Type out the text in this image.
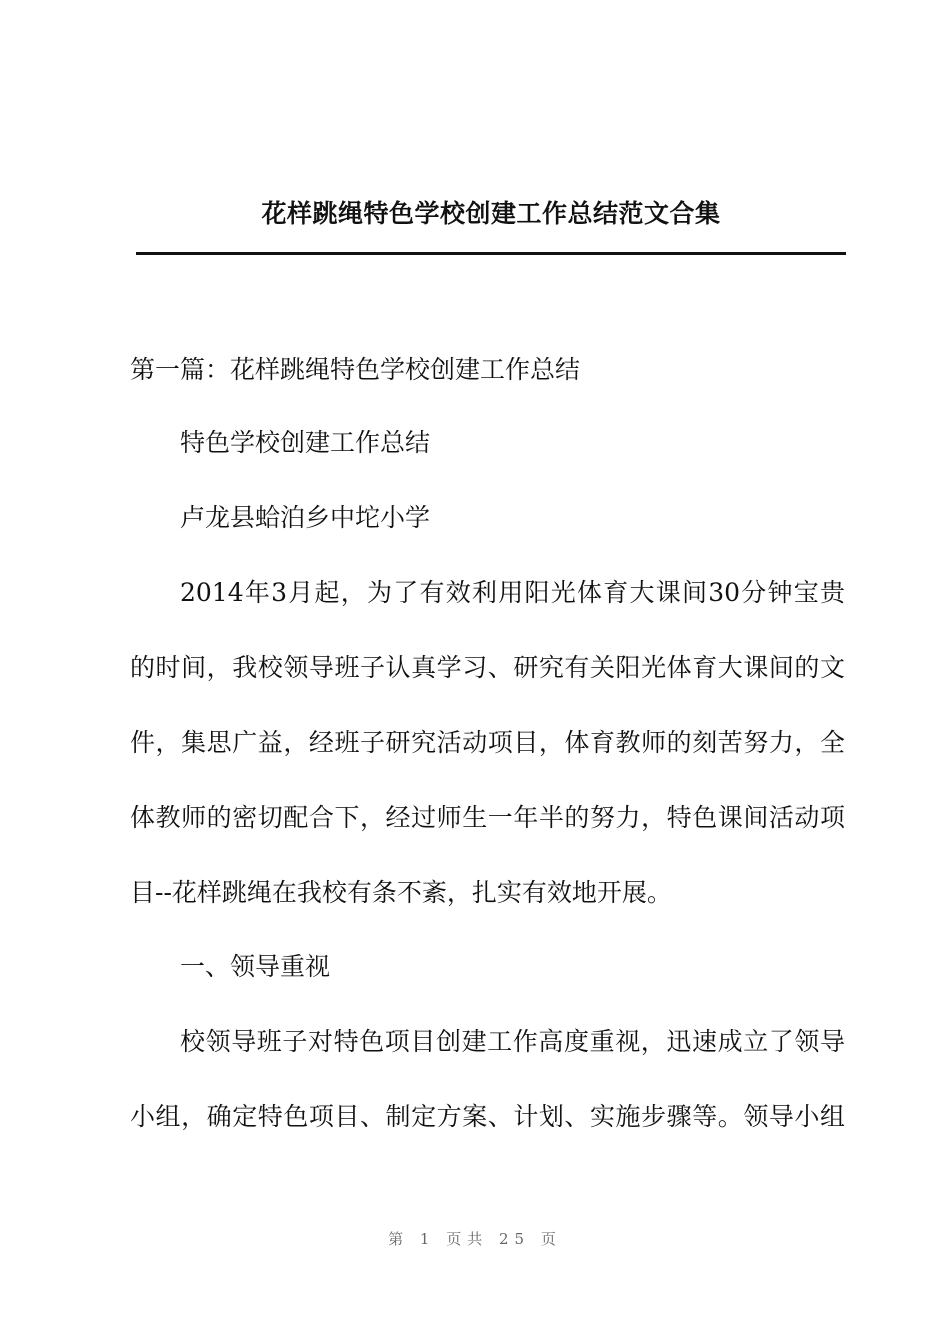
花样跳绳特色学校创建工作总结范文合集

第一篇：花样跳绳特色学校创建工作总结

特色学校创建工作总结

卢龙县蛤泊乡中坨小学

2014年3月起，为了有效利用阳光体育大课间30分钟宝贵

的时间，我校领导班子认真学习、研究有关阳光体育大课间的文

件，集思广益，经班子研究活动项目，体育教师的刻苦努力，全

体教师的密切配合下，经过师生一年半的努力，特色课间活动项

目--花样跳绳在我校有条不紊，扎实有效地开展。

一、领导重视

校领导班子对特色项目创建工作高度重视，迅速成立了领导

小组，确定特色项目、制定方案、计划、实施步骤等。领导小组

第 1 页共 25 页
